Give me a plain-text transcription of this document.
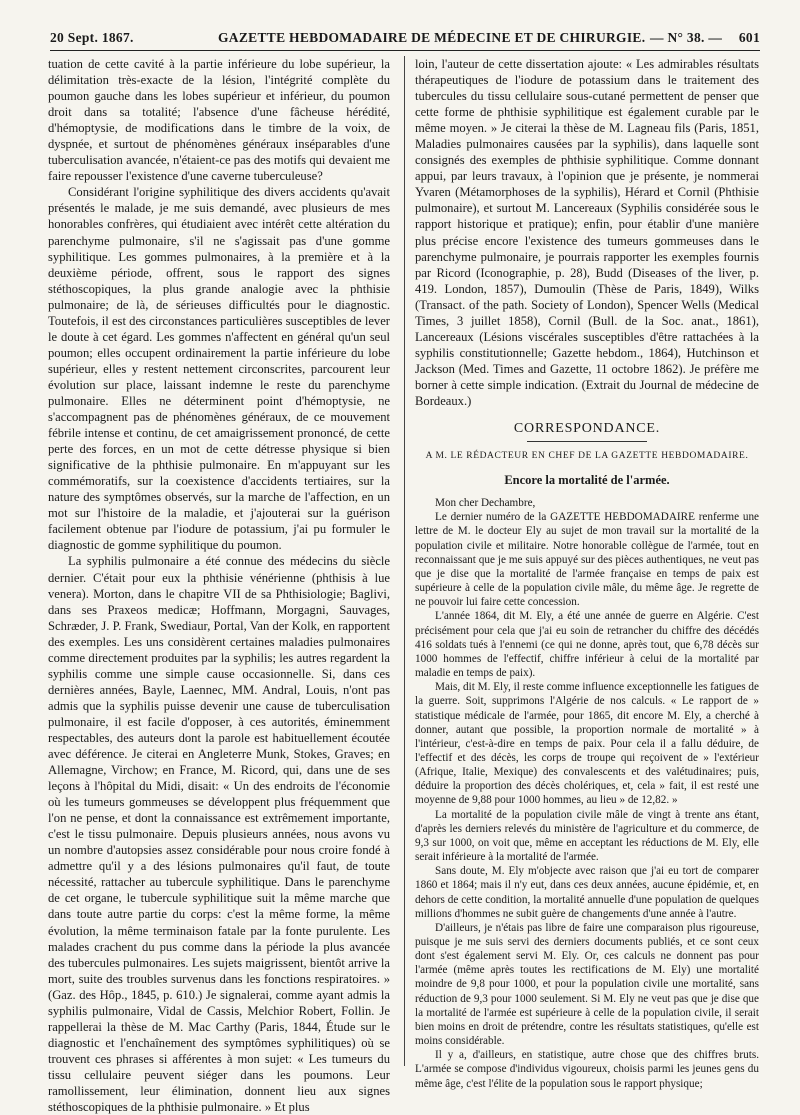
20 Sept. 1867.	GAZETTE HEBDOMADAIRE DE MÉDECINE ET DE CHIRURGIE. — N° 38. — 601

tuation de cette cavité à la partie inférieure du lobe supérieur, la délimitation très-exacte de la lésion, l'intégrité complète du poumon gauche dans les lobes supérieur et inférieur, du poumon droit dans sa totalité; l'absence d'une fâcheuse hérédité, d'hémoptysie, de modifications dans le timbre de la voix, de dyspnée, et surtout de phénomènes généraux inséparables d'une tuberculisation avancée, n'étaient-ce pas des motifs qui devaient me faire repousser l'existence d'une caverne tuberculeuse?

Considérant l'origine syphilitique des divers accidents qu'avait présentés le malade, je me suis demandé, avec plusieurs de mes honorables confrères, qui étudiaient avec intérêt cette altération du parenchyme pulmonaire, s'il ne s'agissait pas d'une gomme syphilitique. Les gommes pulmonaires, à la première et à la deuxième période, offrent, sous le rapport des signes stéthoscopiques, la plus grande analogie avec la phthisie pulmonaire; de là, de sérieuses difficultés pour le diagnostic. Toutefois, il est des circonstances particulières susceptibles de lever le doute à cet égard. Les gommes n'affectent en général qu'un seul poumon; elles occupent ordinairement la partie inférieure du lobe supérieur, elles y restent nettement circonscrites, parcourent leur évolution sur place, laissant indemne le reste du parenchyme pulmonaire. Elles ne déterminent point d'hémoptysie, ne s'accompagnent pas de phénomènes généraux, de ce mouvement fébrile intense et continu, de cet amaigrissement prononcé, de cette perte des forces, en un mot de cette détresse physique si bien significative de la phthisie pulmonaire. En m'appuyant sur les commémoratifs, sur la coexistence d'accidents tertiaires, sur la nature des symptômes observés, sur la marche de l'affection, en un mot sur l'histoire de la maladie, et j'ajouterai sur la guérison facilement obtenue par l'iodure de potassium, j'ai pu formuler le diagnostic de gomme syphilitique du poumon.

La syphilis pulmonaire a été connue des médecins du siècle dernier. C'était pour eux la phthisie vénérienne (phthisis à lue venera). Morton, dans le chapitre VII de sa Phthisiologie; Baglivi, dans ses Praxeos medicæ; Hoffmann, Morgagni, Sauvages, Schræder, J. P. Frank, Swediaur, Portal, Van der Kolk, en rapportent des exemples. Les uns considèrent certaines maladies pulmonaires comme directement produites par la syphilis; les autres regardent la syphilis comme une simple cause occasionnelle. Si, dans ces dernières années, Bayle, Laennec, MM. Andral, Louis, n'ont pas admis que la syphilis puisse devenir une cause de tuberculisation pulmonaire, il est facile d'opposer, à ces autorités, éminemment respectables, des auteurs dont la parole est habituellement écoutée avec déférence. Je citerai en Angleterre Munk, Stokes, Graves; en Allemagne, Virchow; en France, M. Ricord, qui, dans une de ses leçons à l'hôpital du Midi, disait: « Un des endroits de l'économie où les tumeurs gommeuses se développent plus fréquemment que l'on ne pense, et dont la connaissance est extrêmement importante, c'est le tissu pulmonaire. Depuis plusieurs années, nous avons vu un nombre d'autopsies assez considérable pour nous croire fondé à admettre qu'il y a des lésions pulmonaires qu'il faut, de toute nécessité, rattacher au tubercule syphilitique. Dans le parenchyme de cet organe, le tubercule syphilitique suit la même marche que dans toute autre partie du corps: c'est la même forme, la même évolution, la même terminaison fatale par la fonte purulente. Les malades crachent du pus comme dans la période la plus avancée des tubercules pulmonaires. Les sujets maigrissent, bientôt arrive la mort, suite des troubles survenus dans les fonctions respiratoires. » (Gaz. des Hôp., 1845, p. 610.) Je signalerai, comme ayant admis la syphilis pulmonaire, Vidal de Cassis, Melchior Robert, Follin. Je rappellerai la thèse de M. Mac Carthy (Paris, 1844, Étude sur le diagnostic et l'enchaînement des symptômes syphilitiques) où se trouvent ces phrases si afférentes à mon sujet: « Les tumeurs du tissu cellulaire peuvent siéger dans les poumons. Leur ramollissement, leur élimination, donnent lieu aux signes stéthoscopiques de la phthisie pulmonaire. » Et plus

loin, l'auteur de cette dissertation ajoute: « Les admirables résultats thérapeutiques de l'iodure de potassium dans le traitement des tubercules du tissu cellulaire sous-cutané permettent de penser que cette forme de phthisie syphilitique est également curable par le même moyen. » Je citerai la thèse de M. Lagneau fils (Paris, 1851, Maladies pulmonaires causées par la syphilis), dans laquelle sont consignés des exemples de phthisie syphilitique. Comme donnant appui, par leurs travaux, à l'opinion que je présente, je nommerai Yvaren (Métamorphoses de la syphilis), Hérard et Cornil (Phthisie pulmonaire), et surtout M. Lancereaux (Syphilis considérée sous le rapport historique et pratique); enfin, pour établir d'une manière plus précise encore l'existence des tumeurs gommeuses dans le parenchyme pulmonaire, je pourrais rapporter les exemples fournis par Ricord (Iconographie, p. 28), Budd (Diseases of the liver, p. 419. London, 1857), Dumoulin (Thèse de Paris, 1849), Wilks (Transact. of the path. Society of London), Spencer Wells (Medical Times, 3 juillet 1858), Cornil (Bull. de la Soc. anat., 1861), Lancereaux (Lésions viscérales susceptibles d'être rattachées à la syphilis constitutionnelle; Gazette hebdom., 1864), Hutchinson et Jackson (Med. Times and Gazette, 11 octobre 1862). Je préfère me borner à cette simple indication. (Extrait du Journal de médecine de Bordeaux.)

CORRESPONDANCE.

A M. LE RÉDACTEUR EN CHEF DE LA GAZETTE HEBDOMADAIRE.

Encore la mortalité de l'armée.

Mon cher Dechambre,

Le dernier numéro de la GAZETTE HEBDOMADAIRE renferme une lettre de M. le docteur Ely au sujet de mon travail sur la mortalité de la population civile et militaire. Notre honorable collègue de l'armée, tout en reconnaissant que je me suis appuyé sur des pièces authentiques, ne veut pas que je dise que la mortalité de l'armée française en temps de paix est supérieure à celle de la population civile mâle, du même âge. Je regrette de ne pouvoir lui faire cette concession.

L'année 1864, dit M. Ely, a été une année de guerre en Algérie. C'est précisément pour cela que j'ai eu soin de retrancher du chiffre des décédés 416 soldats tués à l'ennemi (ce qui ne donne, après tout, que 6,78 décès sur 1000 hommes de l'effectif, chiffre inférieur à celui de la mortalité par maladie en temps de paix).

Mais, dit M. Ely, il reste comme influence exceptionnelle les fatigues de la guerre. Soit, supprimons l'Algérie de nos calculs. « Le rapport de » statistique médicale de l'armée, pour 1865, dit encore M. Ely, a cherché à donner, autant que possible, la proportion normale de mortalité » à l'intérieur, c'est-à-dire en temps de paix. Pour cela il a fallu déduire, de l'effectif et des décès, les corps de troupe qui reçoivent de » l'extérieur (Afrique, Italie, Mexique) des convalescents et des valétudinaires; puis, déduire la proportion des décès cholériques, et, cela » fait, il est resté une moyenne de 9,88 pour 1000 hommes, au lieu » de 12,82. »

La mortalité de la population civile mâle de vingt à trente ans étant, d'après les derniers relevés du ministère de l'agriculture et du commerce, de 9,3 sur 1000, on voit que, même en acceptant les réductions de M. Ely, elle serait inférieure à la mortalité de l'armée.

Sans doute, M. Ely m'objecte avec raison que j'ai eu tort de comparer 1860 et 1864; mais il n'y eut, dans ces deux années, aucune épidémie, et, en dehors de cette condition, la mortalité annuelle d'une population de quelques millions d'hommes ne subit guère de changements d'une année à l'autre.

D'ailleurs, je n'étais pas libre de faire une comparaison plus rigoureuse, puisque je me suis servi des derniers documents publiés, et ce sont ceux dont s'est également servi M. Ely. Or, ces calculs ne donnent pas pour l'armée (même après toutes les rectifications de M. Ely) une mortalité moindre de 9,8 pour 1000, et pour la population civile une mortalité, sans réduction de 9,3 pour 1000 seulement. Si M. Ely ne veut pas que je dise que la mortalité de l'armée est supérieure à celle de la population civile, il serait bien moins en droit de prétendre, contre les résultats statistiques, qu'elle est moins considérable.

Il y a, d'ailleurs, en statistique, autre chose que des chiffres bruts. L'armée se compose d'individus vigoureux, choisis parmi les jeunes gens du même âge, c'est l'élite de la population sous le rapport physique;
